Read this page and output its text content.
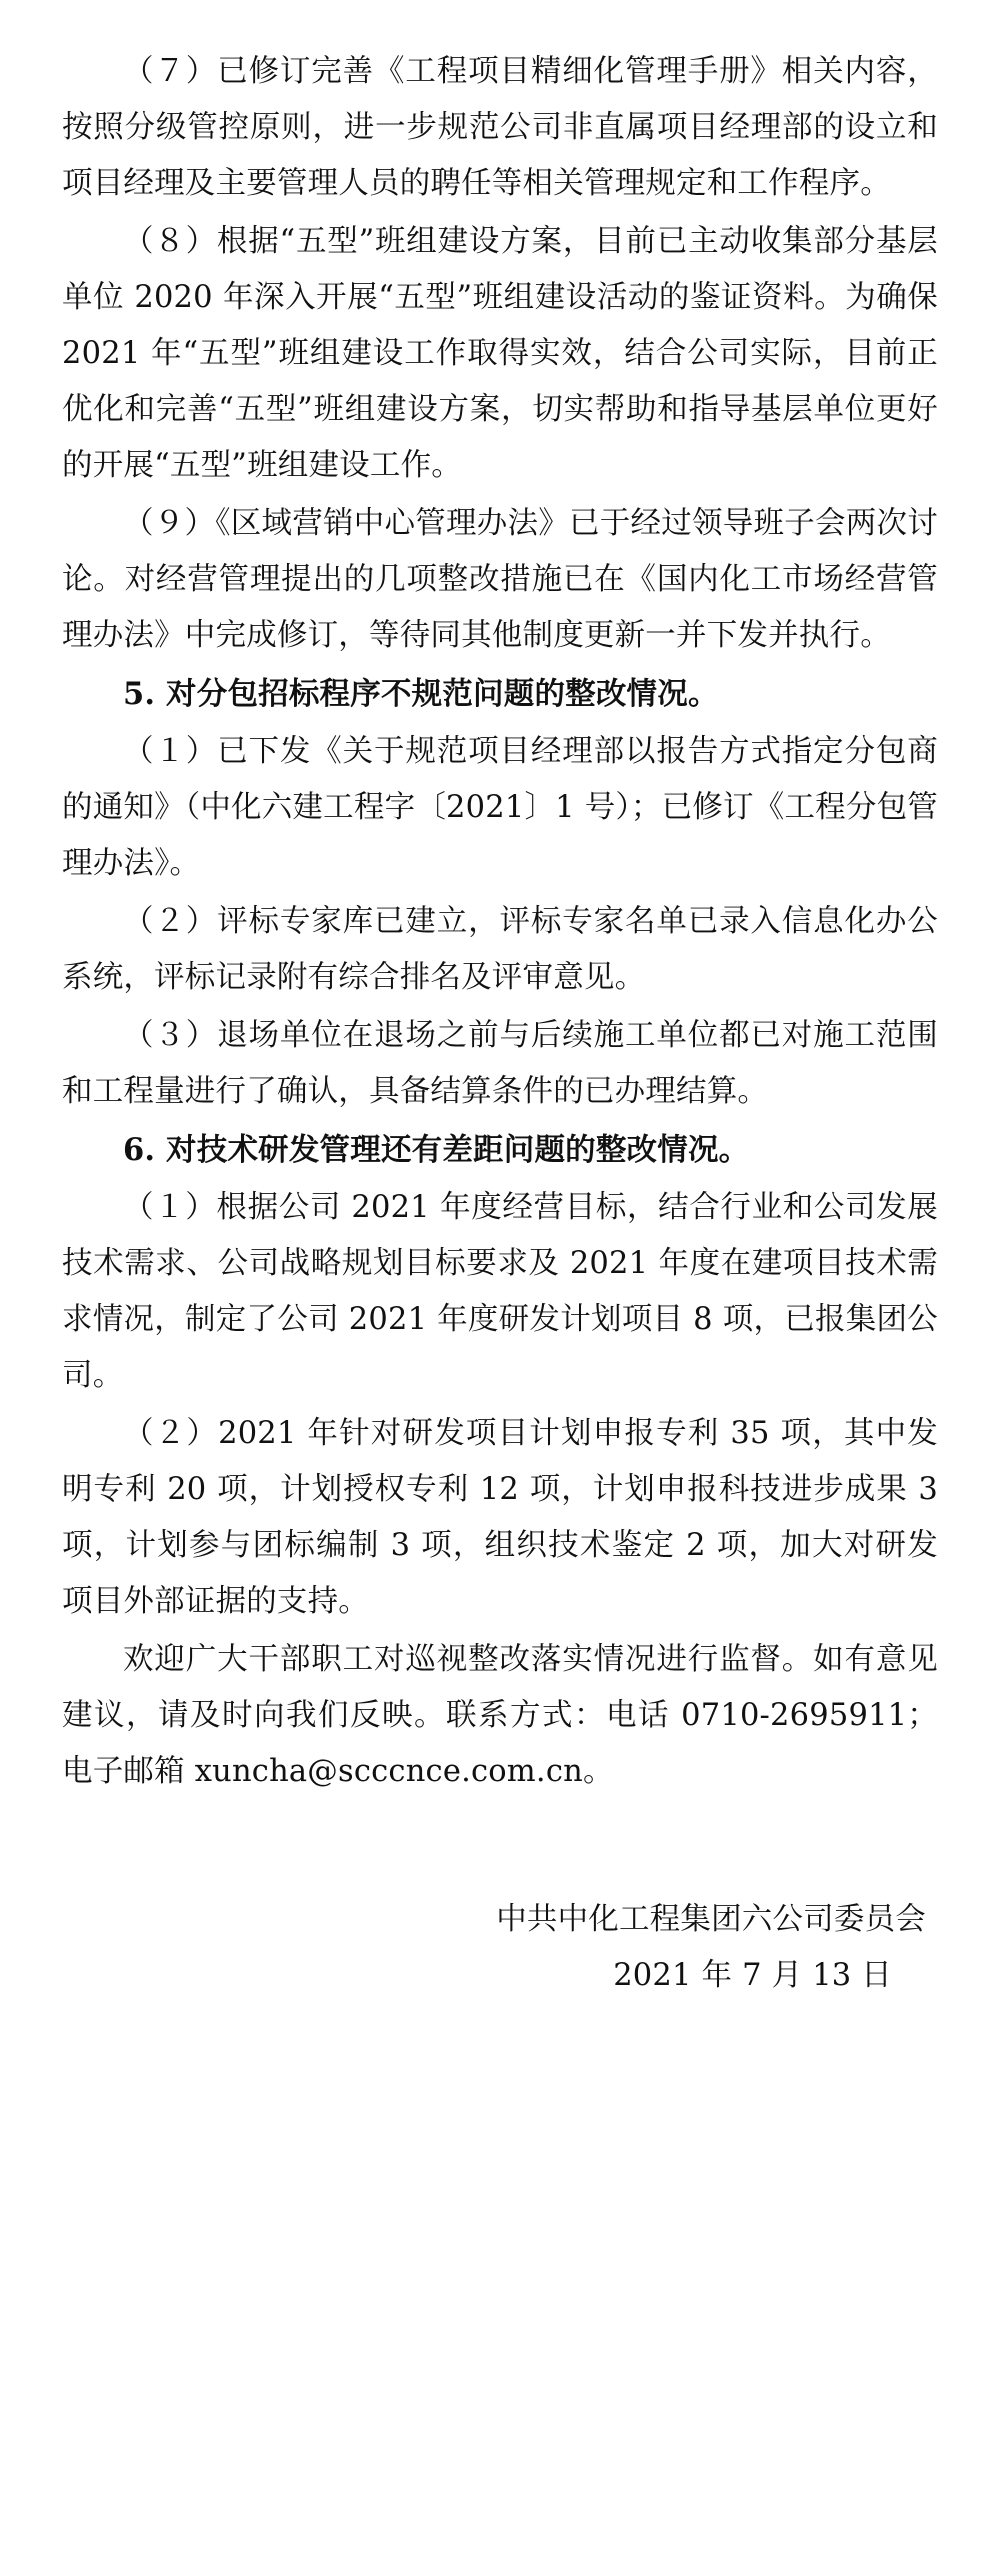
（７）已修订完善《工程项目精细化管理手册》相关内容，按照分级管控原则，进一步规范公司非直属项目经理部的设立和项目经理及主要管理人员的聘任等相关管理规定和工作程序。

（８）根据“五型”班组建设方案，目前已主动收集部分基层单位 2020 年深入开展“五型”班组建设活动的鉴证资料。为确保 2021 年“五型”班组建设工作取得实效，结合公司实际，目前正优化和完善“五型”班组建设方案，切实帮助和指导基层单位更好的开展“五型”班组建设工作。

（９）《区域营销中心管理办法》已于经过领导班子会两次讨论。对经营管理提出的几项整改措施已在《国内化工市场经营管理办法》中完成修订，等待同其他制度更新一并下发并执行。

5. 对分包招标程序不规范问题的整改情况。

（１）已下发《关于规范项目经理部以报告方式指定分包商的通知》（中化六建工程字〔2021〕1 号）；已修订《工程分包管理办法》。

（２）评标专家库已建立，评标专家名单已录入信息化办公系统，评标记录附有综合排名及评审意见。

（３）退场单位在退场之前与后续施工单位都已对施工范围和工程量进行了确认，具备结算条件的已办理结算。

6. 对技术研发管理还有差距问题的整改情况。

（１）根据公司 2021 年度经营目标，结合行业和公司发展技术需求、公司战略规划目标要求及 2021 年度在建项目技术需求情况，制定了公司 2021 年度研发计划项目 8 项，已报集团公司。

（２）2021 年针对研发项目计划申报专利 35 项，其中发明专利 20 项，计划授权专利 12 项，计划申报科技进步成果 3 项，计划参与团标编制 3 项，组织技术鉴定 2 项，加大对研发项目外部证据的支持。

欢迎广大干部职工对巡视整改落实情况进行监督。如有意见建议，请及时向我们反映。联系方式：电话 0710-2695911；电子邮箱 xuncha@scccnce.com.cn。

中共中化工程集团六公司委员会
2021 年 7 月 13 日
